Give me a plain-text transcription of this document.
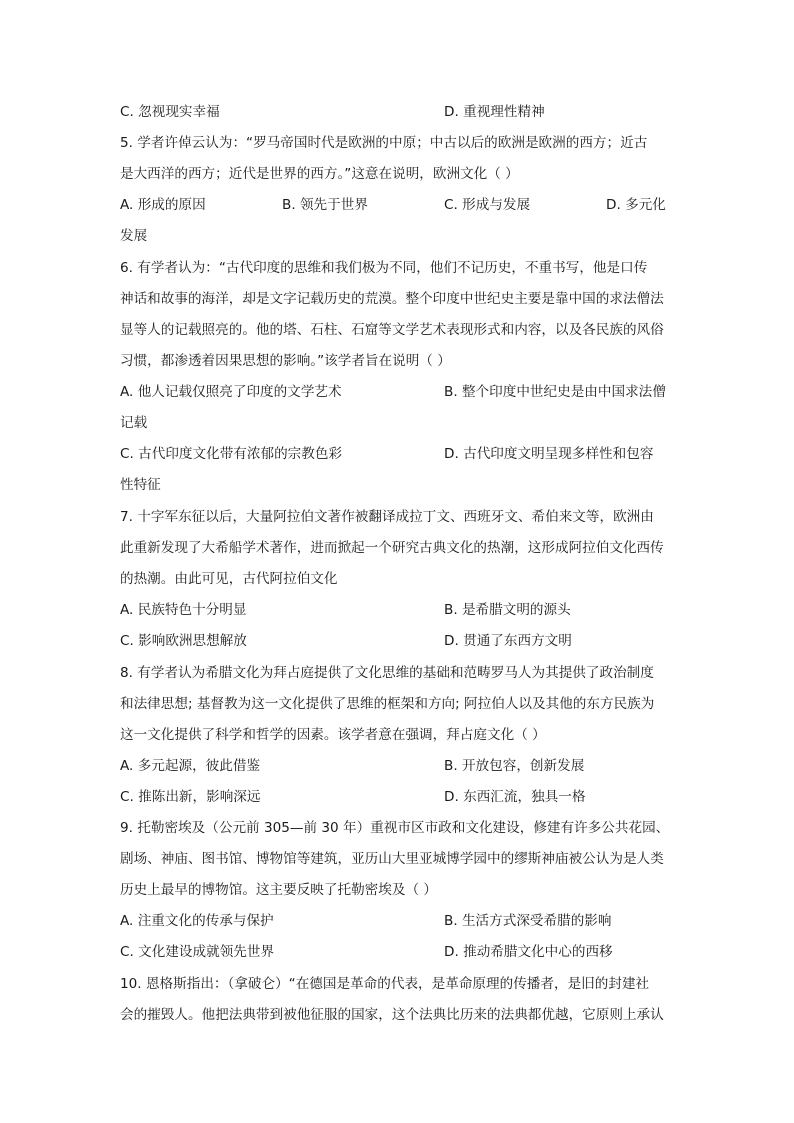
C. 忽视现实幸福	D. 重视理性精神
5. 学者许倬云认为：“罗马帝国时代是欧洲的中原；中古以后的欧洲是欧洲的西方；近古
是大西洋的西方；近代是世界的西方。”这意在说明，欧洲文化（ ）
A. 形成的原因	B. 领先于世界	C. 形成与发展	D. 多元化
发展
6. 有学者认为：“古代印度的思维和我们极为不同，他们不记历史，不重书写，他是口传
神话和故事的海洋，却是文字记载历史的荒漠。整个印度中世纪史主要是靠中国的求法僧法
显等人的记载照亮的。他的塔、石柱、石窟等文学艺术表现形式和内容，以及各民族的风俗
习惯，都渗透着因果思想的影响。”该学者旨在说明（ ）
A. 他人记载仅照亮了印度的文学艺术	B. 整个印度中世纪史是由中国求法僧
记载
C. 古代印度文化带有浓郁的宗教色彩	D. 古代印度文明呈现多样性和包容
性特征
7. 十字军东征以后，大量阿拉伯文著作被翻译成拉丁文、西班牙文、希伯来文等，欧洲由
此重新发现了大希船学术著作，进而掀起一个研究古典文化的热潮，这形成阿拉伯文化西传
的热潮。由此可见，古代阿拉伯文化
A. 民族特色十分明显	B. 是希腊文明的源头
C. 影响欧洲思想解放	D. 贯通了东西方文明
8. 有学者认为希腊文化为拜占庭提供了文化思维的基础和范畴罗马人为其提供了政治制度
和法律思想; 基督教为这一文化提供了思维的框架和方向; 阿拉伯人以及其他的东方民族为
这一文化提供了科学和哲学的因素。该学者意在强调，拜占庭文化（ ）
A. 多元起源，彼此借鉴	B. 开放包容，创新发展
C. 推陈出新，影响深远	D. 东西汇流，独具一格
9. 托勒密埃及（公元前 305—前 30 年）重视市区市政和文化建设，修建有许多公共花园、
剧场、神庙、图书馆、博物馆等建筑，亚历山大里亚城博学园中的缪斯神庙被公认为是人类
历史上最早的博物馆。这主要反映了托勒密埃及（ ）
A. 注重文化的传承与保护	B. 生活方式深受希腊的影响
C. 文化建设成就领先世界	D. 推动希腊文化中心的西移
10. 恩格斯指出：（拿破仑）“在德国是革命的代表，是革命原理的传播者，是旧的封建社
会的摧毁人。他把法典带到被他征服的国家，这个法典比历来的法典都优越，它原则上承认
